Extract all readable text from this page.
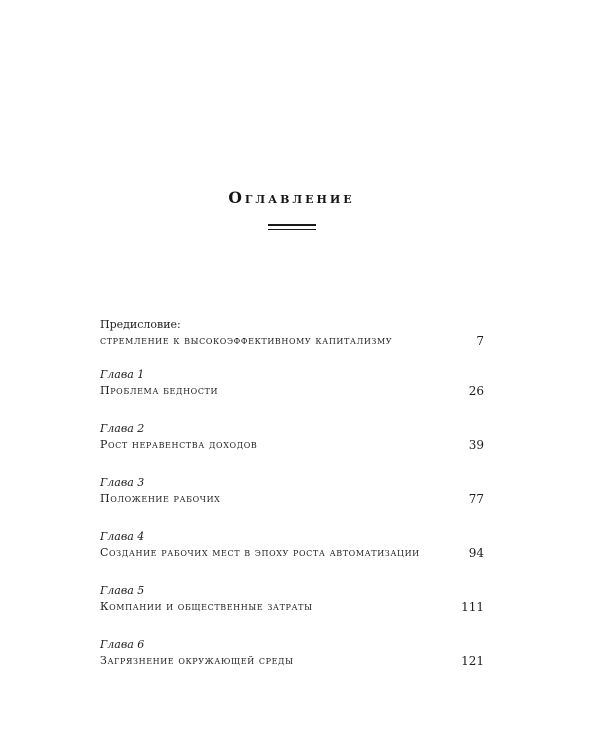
Оглавление
Предисловие:
стремление к высокоэффективному капитализму	7
Глава 1
Проблема бедности	26
Глава 2
Рост неравенства доходов	39
Глава 3
Положение рабочих	77
Глава 4
Создание рабочих мест в эпоху роста автоматизации	94
Глава 5
Компании и общественные затраты	111
Глава 6
Загрязнение окружающей среды	121
